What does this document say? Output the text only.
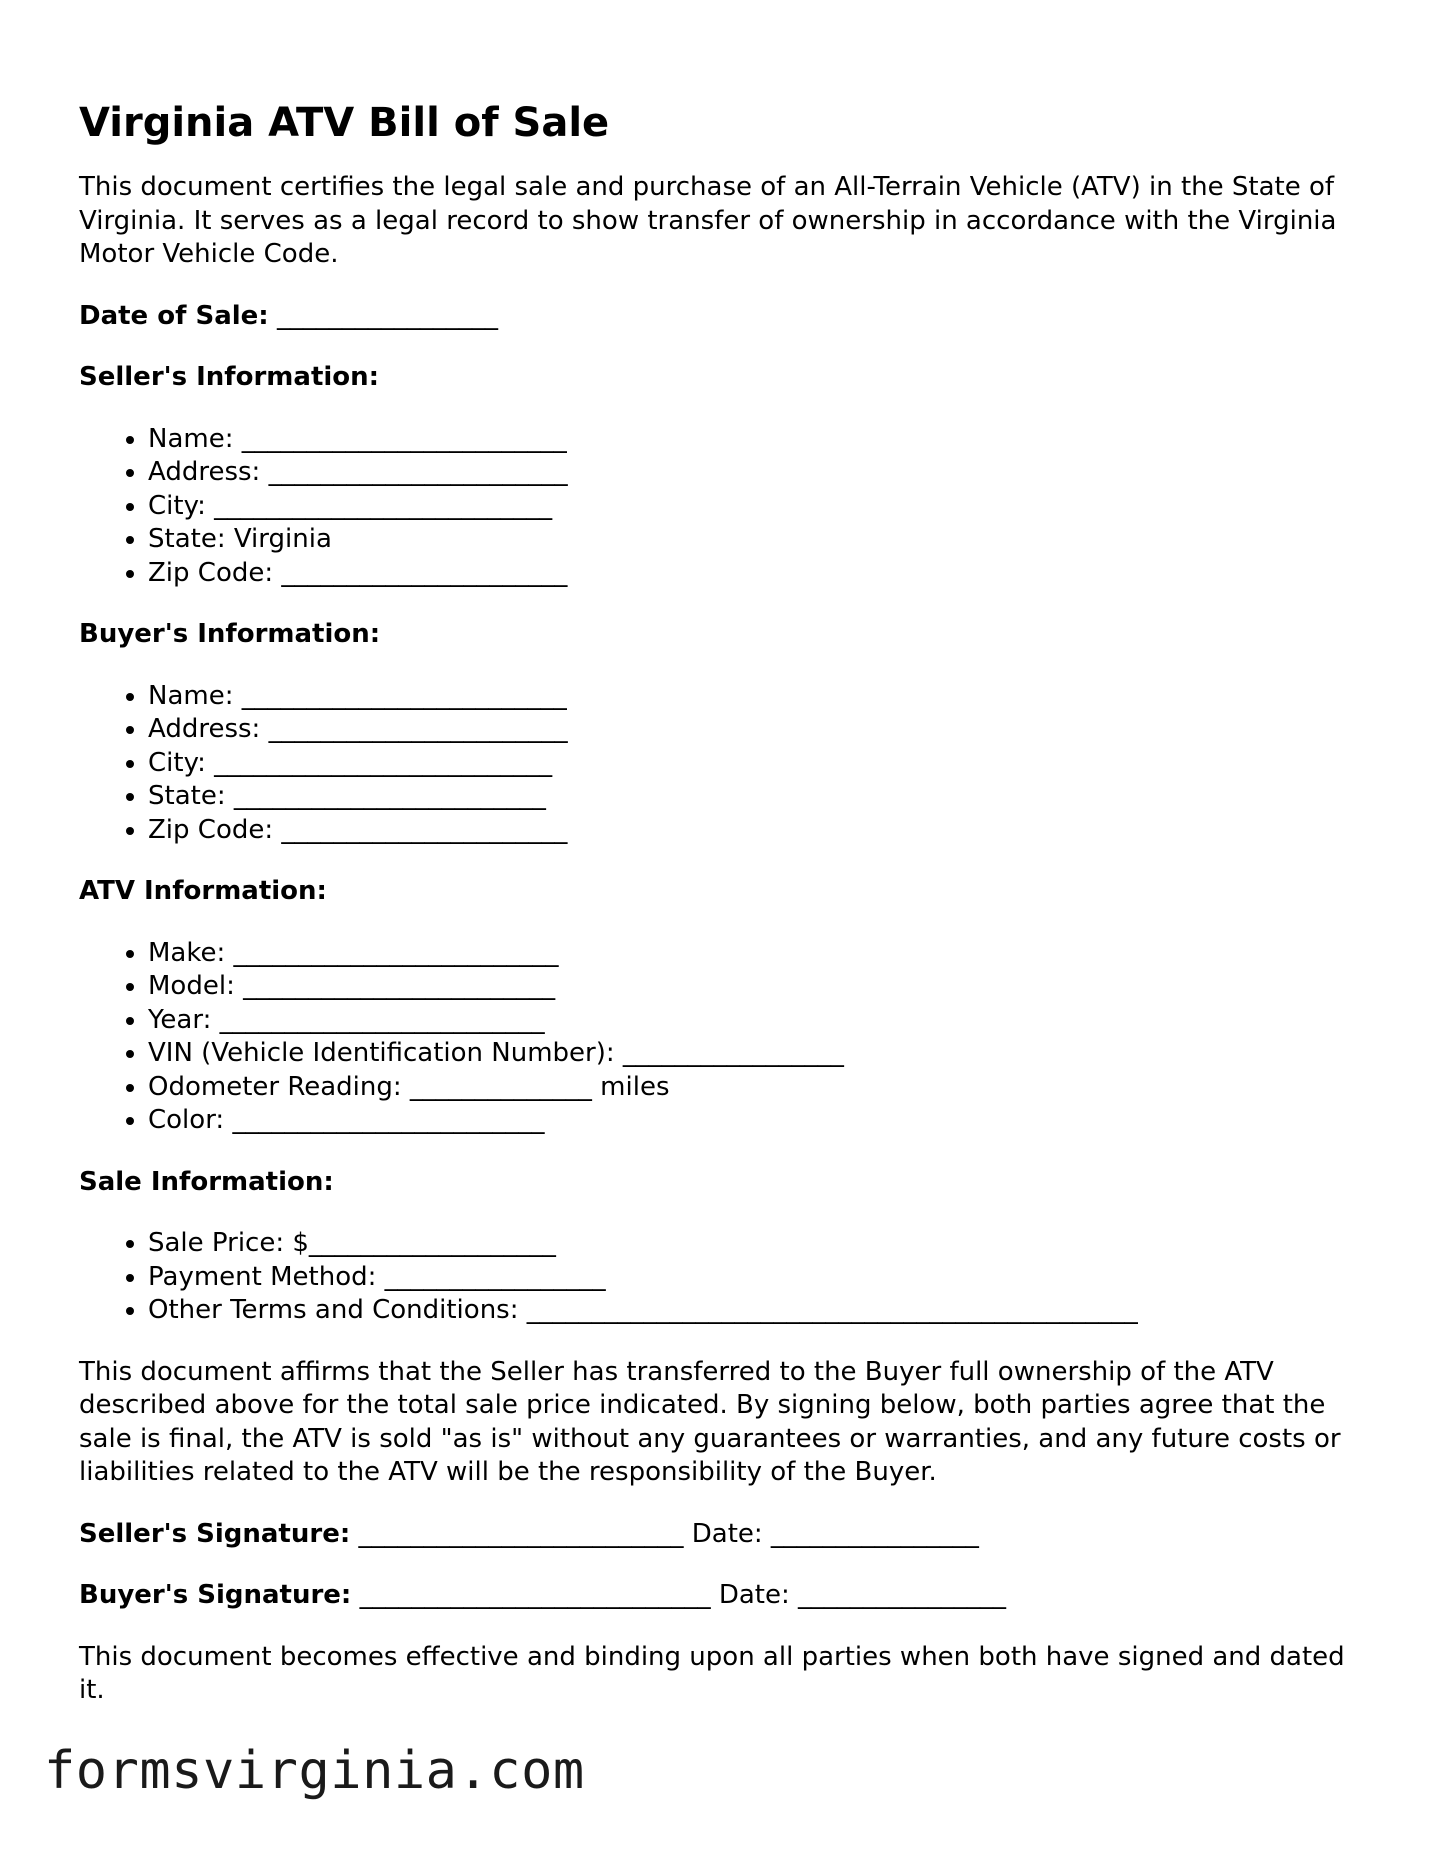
Virginia ATV Bill of Sale

This document certifies the legal sale and purchase of an All-Terrain Vehicle (ATV) in the State of Virginia. It serves as a legal record to show transfer of ownership in accordance with the Virginia Motor Vehicle Code.

Date of Sale: _________________
Seller's Information:
• Name: _________________________
• Address: _______________________
• City: __________________________
• State: Virginia
• Zip Code: ______________________
Buyer's Information:
• Name: _________________________
• Address: _______________________
• City: __________________________
• State: ________________________
• Zip Code: ______________________
ATV Information:
• Make: _________________________
• Model: ________________________
• Year: _________________________
• VIN (Vehicle Identification Number): _________________
• Odometer Reading: ______________ miles
• Color: ________________________
Sale Information:
• Sale Price: $___________________
• Payment Method: _________________
• Other Terms and Conditions: _______________________________________________

This document affirms that the Seller has transferred to the Buyer full ownership of the ATV described above for the total sale price indicated. By signing below, both parties agree that the sale is final, the ATV is sold "as is" without any guarantees or warranties, and any future costs or liabilities related to the ATV will be the responsibility of the Buyer.

Seller's Signature: _________________________ Date: ________________
Buyer's Signature: ___________________________ Date: ________________

This document becomes effective and binding upon all parties when both have signed and dated it.

formsvirginia.com
